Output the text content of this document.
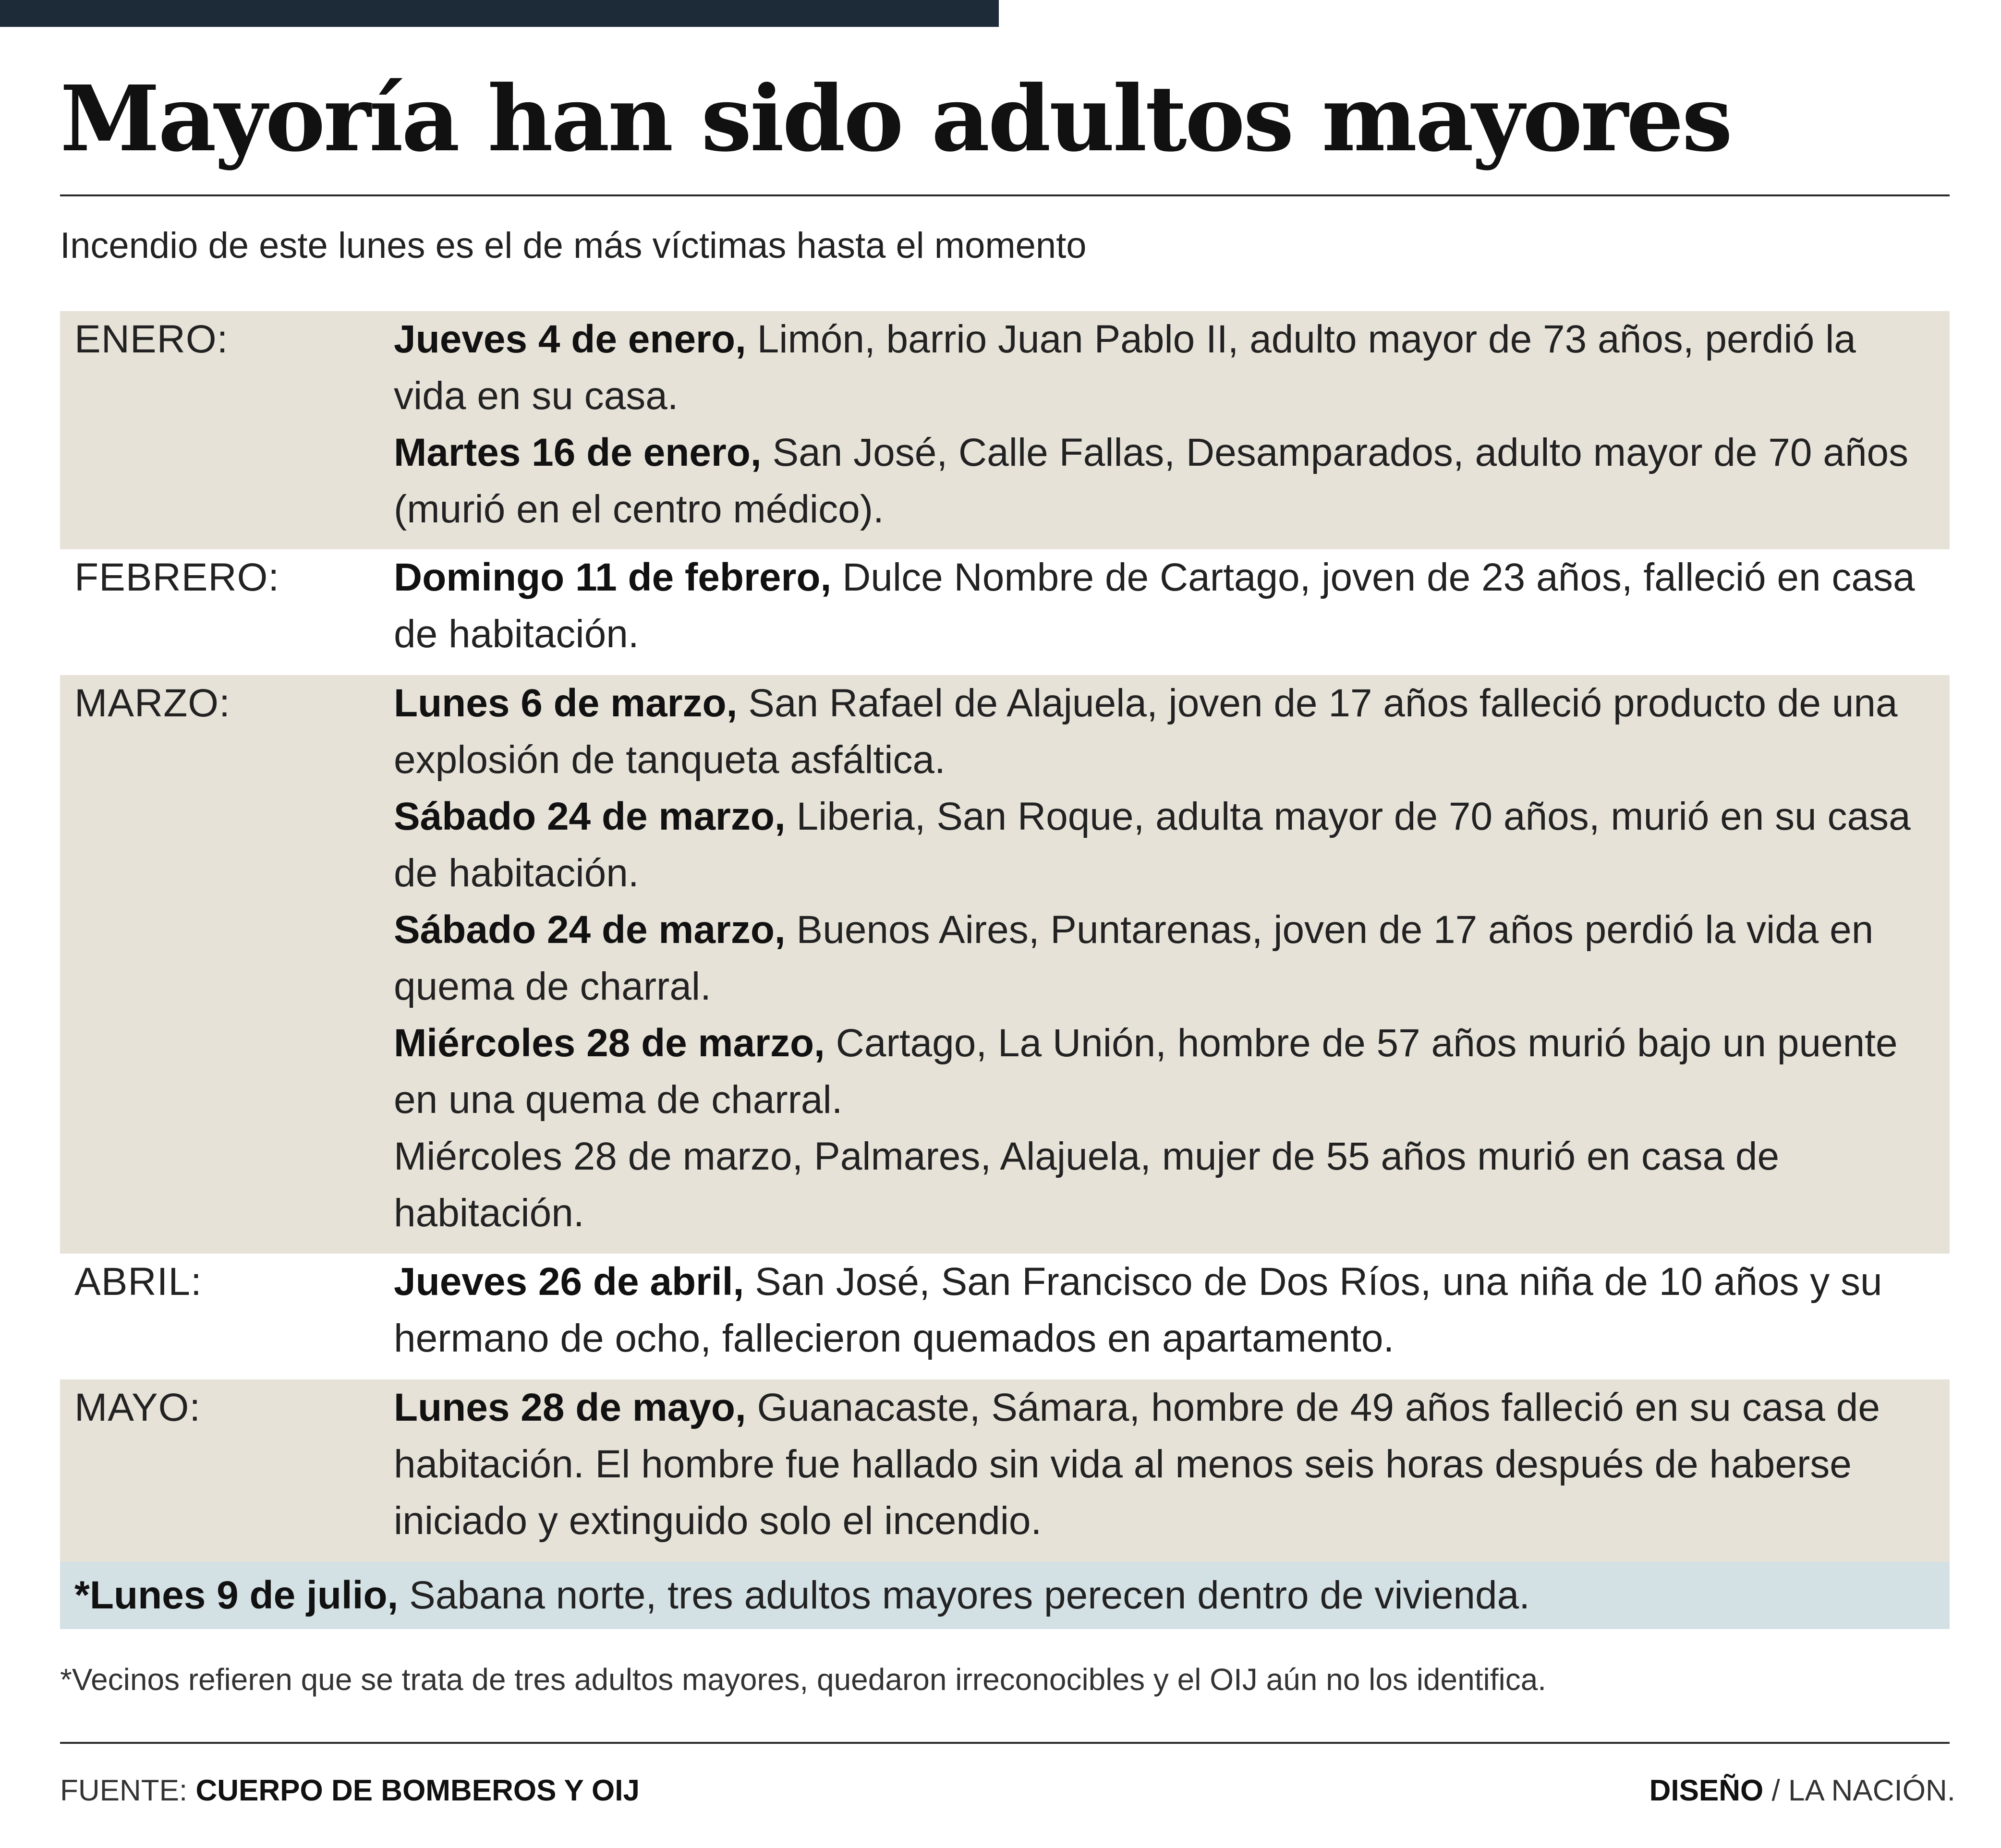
Mayoría han sido adultos mayores

Incendio de este lunes es el de más víctimas hasta el momento

ENERO:	Jueves 4 de enero, Limón, barrio Juan Pablo II, adulto mayor de 73 años, perdió la vida en su casa.
Martes 16 de enero, San José, Calle Fallas, Desamparados, adulto mayor de 70 años (murió en el centro médico).
FEBRERO:	Domingo 11 de febrero, Dulce Nombre de Cartago, joven de 23 años, falleció en casa de habitación.
MARZO:	Lunes 6 de marzo, San Rafael de Alajuela, joven de 17 años falleció producto de una explosión de tanqueta asfáltica.
Sábado 24 de marzo, Liberia, San Roque, adulta mayor de 70 años, murió en su casa de habitación.
Sábado 24 de marzo, Buenos Aires, Puntarenas, joven de 17 años perdió la vida en quema de charral.
Miércoles 28 de marzo, Cartago, La Unión, hombre de 57 años murió bajo un puente en una quema de charral.
Miércoles 28 de marzo, Palmares, Alajuela, mujer de 55 años murió en casa de habitación.
ABRIL:	Jueves 26 de abril, San José, San Francisco de Dos Ríos, una niña de 10 años y su hermano de ocho, fallecieron quemados en apartamento.
MAYO:	Lunes 28 de mayo, Guanacaste, Sámara, hombre de 49 años falleció en su casa de habitación. El hombre fue hallado sin vida al menos seis horas después de haberse iniciado y extinguido solo el incendio.
*Lunes 9 de julio, Sabana norte, tres adultos mayores perecen dentro de vivienda.

*Vecinos refieren que se trata de tres adultos mayores, quedaron irreconocibles y el OIJ aún no los identifica.

FUENTE: CUERPO DE BOMBEROS Y OIJ	DISEÑO / LA NACIÓN.
